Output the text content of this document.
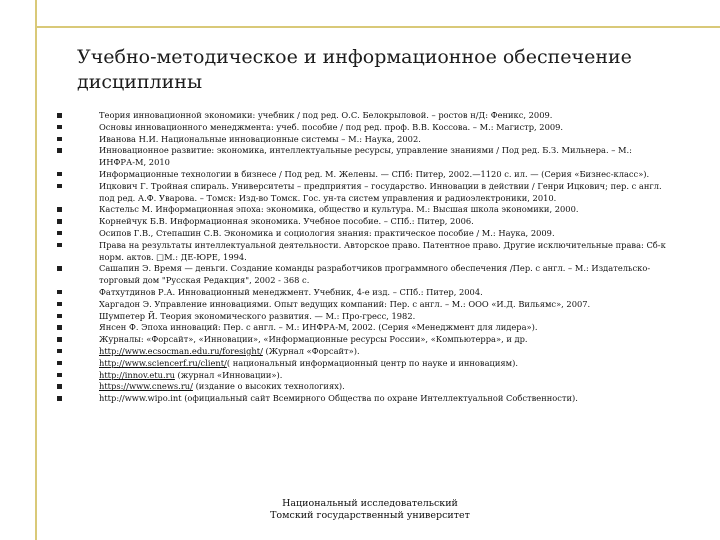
Учебно-методическое и информационное обеспечение дисциплины
Теория инновационной экономики: учебник / под ред. О.С. Белокрыловой. – ростов н/Д: Феникс, 2009.
Основы инновационного менеджмента: учеб. пособие / под ред. проф. В.В. Коссова. – М.: Магистр, 2009.
Иванова Н.И. Национальные инновационные системы – М.: Наука, 2002.
Инновационное развитие: экономика, интеллектуальные ресурсы, управление знаниями / Под ред. Б.З. Мильнера. – М.: ИНФРА-М, 2010
Информационные технологии в бизнесе / Под ред. М. Желены. — СПб: Питер, 2002.—1120 с. ил. — (Серия «Бизнес-класс»).
Ицкович Г. Тройная спираль. Университеты – предприятия – государство. Инновации в действии / Генри Ицкович; пер. с англ. под ред. А.Ф. Уварова. – Томск: Изд-во Томск. Гос. ун-та систем управления и радиоэлектроники, 2010.
Кастельс М. Информационная эпоха: экономика, общество и культура. М.: Высшая школа экономики, 2000.
Корнейчук Б.В. Информационная экономика. Учебное пособие. – СПб.: Питер, 2006.
Осипов Г.В., Степашин С.В. Экономика и социология знания: практическое пособие / М.: Наука, 2009.
Права на результаты интеллектуальной деятельности. Авторское право. Патентное право. Другие исключительные права: Сб-к норм. актов. □М.: ДЕ-ЮРЕ, 1994.
Сашапин Э. Время — деньги. Создание команды разработчиков программного обеспечения /Пер. с англ. – М.: Издательско-торговый дом "Русская Редакция", 2002 - 368 с.
Фатхутдинов Р.А. Инновационный менеджмент. Учебник, 4-е изд. – СПб.: Питер, 2004.
Харгадон Э. Управление инновациями. Опыт ведущих компаний: Пер. с англ. – М.: ООО «И.Д. Вильямс», 2007.
Шумпетер Й. Теория экономического развития. — М.: Про-гресс, 1982.
Янсен Ф. Эпоха инноваций: Пер. с англ. – М.: ИНФРА-М, 2002. (Серия «Менеджмент для лидера»).
Журналы: «Форсайт», «Инновации», «Информационные ресурсы России», «Компьютерра», и др.
http://www.ecsocman.edu.ru/foresight/ (Журнал «Форсайт»).
http://www.sciencerf.ru/client/( национальный информационный центр по науке и инновациям).
http://innov.etu.ru (журнал «Инновации»).
https://www.cnews.ru/ (издание о высоких технологиях).
http://www.wipo.int (официальный сайт Всемирного Общества по охране Интеллектуальной Собственности).
Национальный исследовательский
Томский государственный университет
